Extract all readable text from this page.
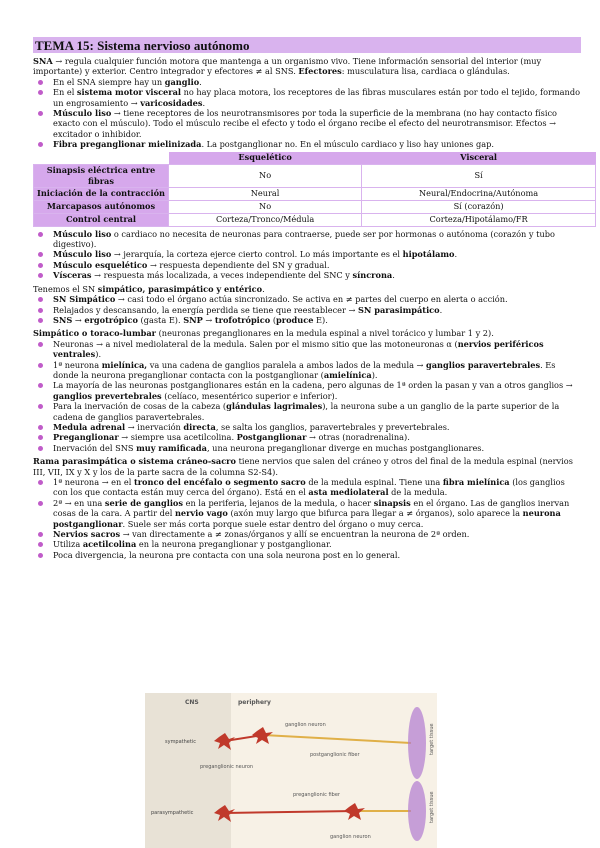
TEMA 15: Sistema nervioso autónomo

SNA → regula cualquier función motora que mantenga a un organismo vivo. Tiene información sensorial del interior (muy importante) y exterior. Centro integrador y efectores ≠ al SNS. Efectores: musculatura lisa, cardiaca o glándulas.

En el SNA siempre hay un ganglio.
En el sistema motor visceral no hay placa motora, los receptores de las fibras musculares están por todo el tejido, formando un engrosamiento → varicosidades.
Músculo liso → tiene receptores de los neurotransmisores por toda la superficie de la membrana (no hay contacto físico exacto con el músculo). Todo el músculo recibe el efecto y todo el órgano recibe el efecto del neurotransmisor. Efectos → excitador o inhibidor.
Fibra preganglionar mielinizada. La postganglionar no. En el músculo cardiaco y liso hay uniones gap.
	Esquelético	Visceral
Sinapsis eléctrica entre fibras	No	Sí
Iniciación de la contracción	Neural	Neural/Endocrina/Autónoma
Marcapasos autónomos	No	Sí (corazón)
Control central	Corteza/Tronco/Médula	Corteza/Hipotálamo/FR
Músculo liso o cardiaco no necesita de neuronas para contraerse, puede ser por hormonas o autónoma (corazón y tubo digestivo).
Músculo liso → jerarquía, la corteza ejerce cierto control. Lo más importante es el hipotálamo.
Músculo esquelético → respuesta dependiente del SN y gradual.
Vísceras → respuesta más localizada, a veces independiente del SNC y síncrona.

Tenemos el SN simpático, parasimpático y entérico.

SN Simpático → casi todo el órgano actúa sincronizado. Se activa en ≠ partes del cuerpo en alerta o acción.
Relajados y descansando, la energía perdida se tiene que reestablecer → SN parasimpático.
SNS → ergotrópico (gasta E). SNP → trofotrópico (produce E).

Simpático o toraco-lumbar (neuronas preganglionares en la medula espinal a nivel torácico y lumbar 1 y 2).

Neuronas → a nivel mediolateral de la medula. Salen por el mismo sitio que las motoneuronas α (nervios periféricos ventrales).
1ª neurona mielínica, va una cadena de ganglios paralela a ambos lados de la medula → ganglios paravertebrales. Es donde la neurona preganglionar contacta con la postganglionar (amielínica).
La mayoría de las neuronas postganglionares están en la cadena, pero algunas de 1ª orden la pasan y van a otros ganglios → ganglios prevertebrales (celíaco, mesentérico superior e inferior).
Para la inervación de cosas de la cabeza (glándulas lagrimales), la neurona sube a un ganglio de la parte superior de la cadena de ganglios paravertebrales.
Medula adrenal → inervación directa, se salta los ganglios, paravertebrales y prevertebrales.
Preganglionar → siempre usa acetilcolina. Postganglionar → otras (noradrenalina).
Inervación del SNS muy ramificada, una neurona preganglionar diverge en muchas postganglionares.

Rama parasimpática o sistema cráneo-sacro tiene nervios que salen del cráneo y otros del final de la medula espinal (nervios III, VII, IX y X y los de la parte sacra de la columna S2-S4).

1ª neurona → en el tronco del encéfalo o segmento sacro de la medula espinal. Tiene una fibra mielínica (los ganglios con los que contacta están muy cerca del órgano). Está en el asta mediolateral de la medula.
2ª → en una serie de ganglios en la periferia, lejanos de la medula, o hacer sinapsis en el órgano. Las de ganglios inervan cosas de la cara. A partir del nervio vago (axón muy largo que bifurca para llegar a ≠ órganos), solo aparece la neurona postganglionar. Suele ser más corta porque suele estar dentro del órgano o muy cerca.
Nervios sacros → van directamente a ≠ zonas/órganos y allí se encuentran la neurona de 2ª orden.
Utiliza acetilcolina en la neurona preganglionar y postganglionar.
Poca divergencia, la neurona pre contacta con una sola neurona post en lo general.
CNS	periphery
sympathetic
parasympathetic
ganglion neuron
postganglionic fiber
preganglionic neuron
preganglionic fiber
ganglion neuron
target tissue
target tissue
